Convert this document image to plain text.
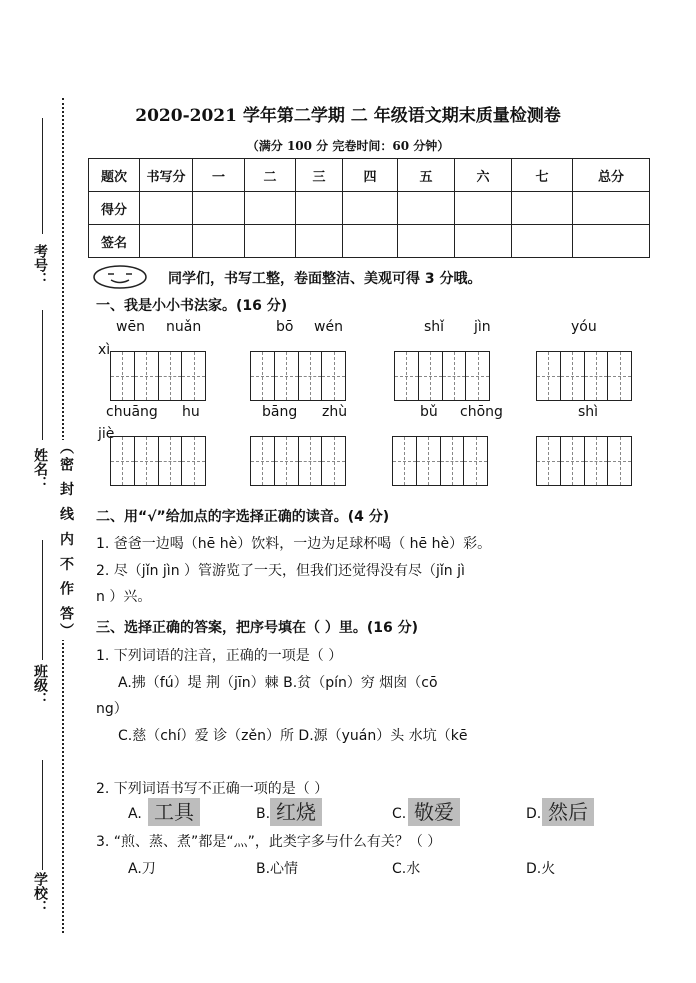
考号：
姓名：
班级：
学校：
（密 封 线 内 不 作 答）
2020-2021 学年第二学期 二 年级语文期末质量检测卷
（满分 100 分 完卷时间：60 分钟）
题次	书写分	一	二	三	四	五	六	七	总分
得分									
签名									
同学们，书写工整，卷面整洁、美观可得 3 分哦。
一、我是小小书法家。(16 分)
wēn nuǎn	bō wén	shǐ jìn	yóu
xì
chuāng hu	bāng zhù	bǔ chōng	shì
jiè
二、用“√”给加点的字选择正确的读音。(4 分)
1. 爸爸一边喝（hē hè）饮料，一边为足球杯喝（ hē hè）彩。
2. 尽（jǐn jìn ）管游览了一天，但我们还觉得没有尽（jǐn jì
n ）兴。
三、选择正确的答案，把序号填在（ ）里。(16 分)
1. 下列词语的注音，正确的一项是（ ）
A.拂（fú）堤 荆（jīn）棘 B.贫（pín）穷 烟囱（cō
ng）
C.慈（chí）爱 诊（zěn）所 D.源（yuán）头 水坑（kē
2. 下列词语书写不正确一项的是（ ）
A. 工具	B. 红烧	C. 敬爱	D. 然后
3. “煎、蒸、煮”都是“灬”，此类字多与什么有关？（ ）
A.刀	B.心情	C.水	D.火
